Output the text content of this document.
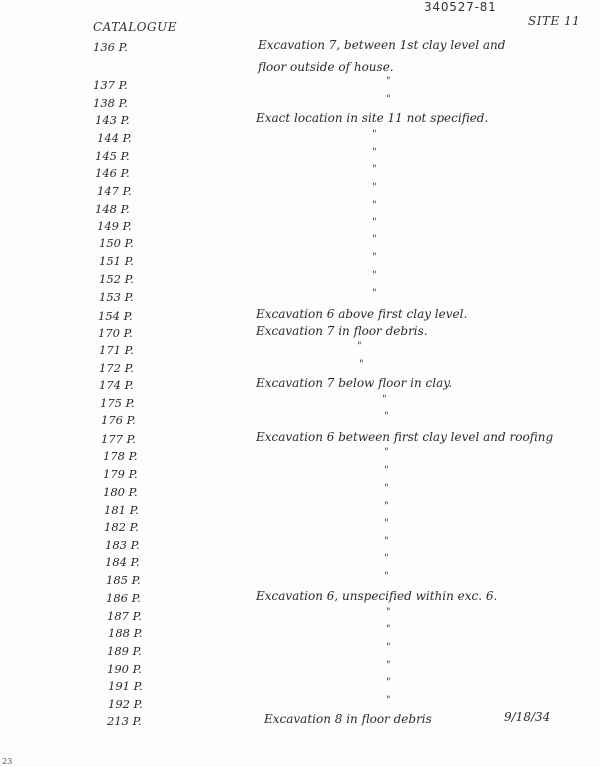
340527-81
SITE 11
CATALOGUE
23
136 P.	Excavation 7, between 1st clay level and
floor outside of house.
137 P.	"
138 P.	"
143 P.	Exact location in site 11 not specified.
144 P.	"
145 P.	"
146 P.	"
147 P.	"
148 P.	"
149 P.	"
150 P.	"
151 P.	"
152 P.	"
153 P.	"
154 P.	Excavation 6 above first clay level.
170 P.	Excavation 7 in floor debris.
171 P.	"
172 P.	"
174 P.	Excavation 7 below floor in clay.
175 P.	"
176 P.	"
177 P.	Excavation 6 between first clay level and roofing
178 P.	"
179 P.	"
180 P.	"
181 P.	"
182 P.	"
183 P.	"
184 P.	"
185 P.	"
186 P.	Excavation 6, unspecified within exc. 6.
187 P.	"
188 P.	"
189 P.	"
190 P.	"
191 P.	"
192 P.	"
213 P.	Excavation 8 in floor debris	9/18/34
